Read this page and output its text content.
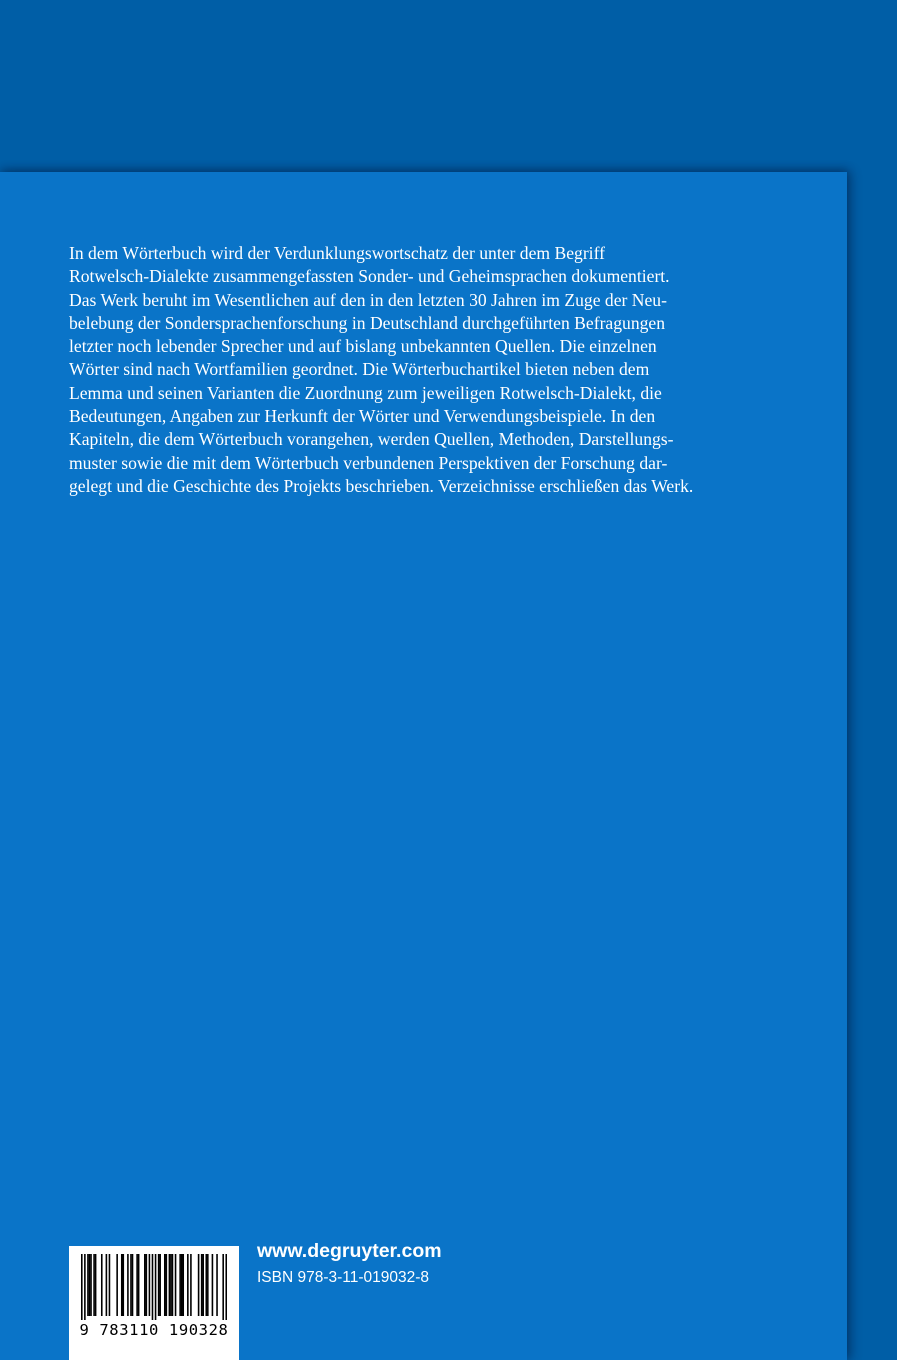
In dem Wörterbuch wird der Verdunklungswortschatz der unter dem Begriff
Rotwelsch-Dialekte zusammengefassten Sonder- und Geheimsprachen dokumentiert.
Das Werk beruht im Wesentlichen auf den in den letzten 30 Jahren im Zuge der Neu-
belebung der Sondersprachenforschung in Deutschland durchgeführten Befragungen
letzter noch lebender Sprecher und auf bislang unbekannten Quellen. Die einzelnen
Wörter sind nach Wortfamilien geordnet. Die Wörterbuchartikel bieten neben dem
Lemma und seinen Varianten die Zuordnung zum jeweiligen Rotwelsch-Dialekt, die
Bedeutungen, Angaben zur Herkunft der Wörter und Verwendungsbeispiele. In den
Kapiteln, die dem Wörterbuch vorangehen, werden Quellen, Methoden, Darstellungs-
muster sowie die mit dem Wörterbuch verbundenen Perspektiven der Forschung dar-
gelegt und die Geschichte des Projekts beschrieben. Verzeichnisse erschließen das Werk.

9 783110 190328
www.degruyter.com
ISBN 978-3-11-019032-8
